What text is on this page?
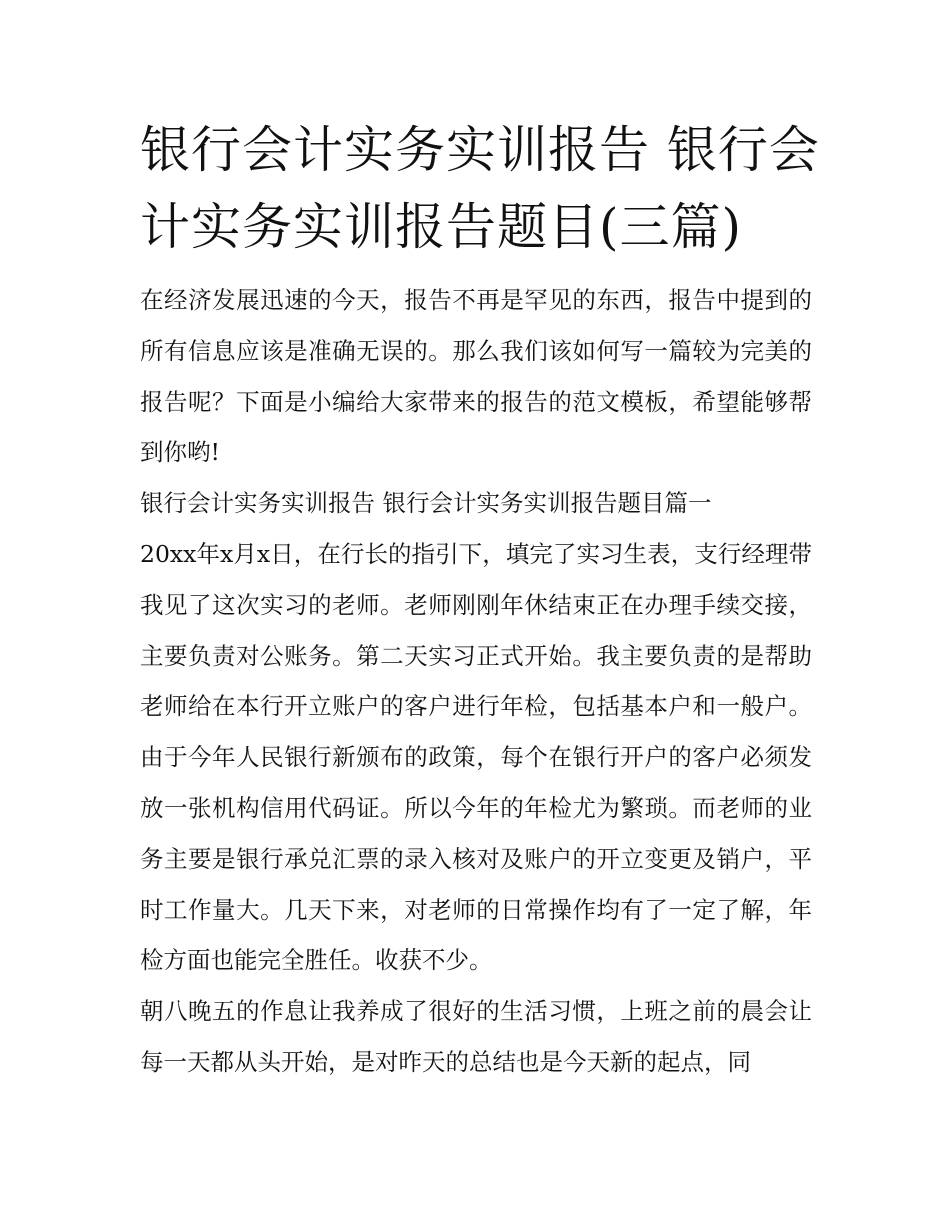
银行会计实务实训报告 银行会计实务实训报告题目(三篇)

在经济发展迅速的今天，报告不再是罕见的东西，报告中提到的所有信息应该是准确无误的。那么我们该如何写一篇较为完美的报告呢？下面是小编给大家带来的报告的范文模板，希望能够帮到你哟!

银行会计实务实训报告 银行会计实务实训报告题目篇一

20xx年x月x日，在行长的指引下，填完了实习生表，支行经理带我见了这次实习的老师。老师刚刚年休结束正在办理手续交接，主要负责对公账务。第二天实习正式开始。我主要负责的是帮助老师给在本行开立账户的客户进行年检，包括基本户和一般户。由于今年人民银行新颁布的政策，每个在银行开户的客户必须发放一张机构信用代码证。所以今年的年检尤为繁琐。而老师的业务主要是银行承兑汇票的录入核对及账户的开立变更及销户，平时工作量大。几天下来，对老师的日常操作均有了一定了解，年检方面也能完全胜任。收获不少。

朝八晚五的作息让我养成了很好的生活习惯，上班之前的晨会让每一天都从头开始，是对昨天的总结也是今天新的起点，同
